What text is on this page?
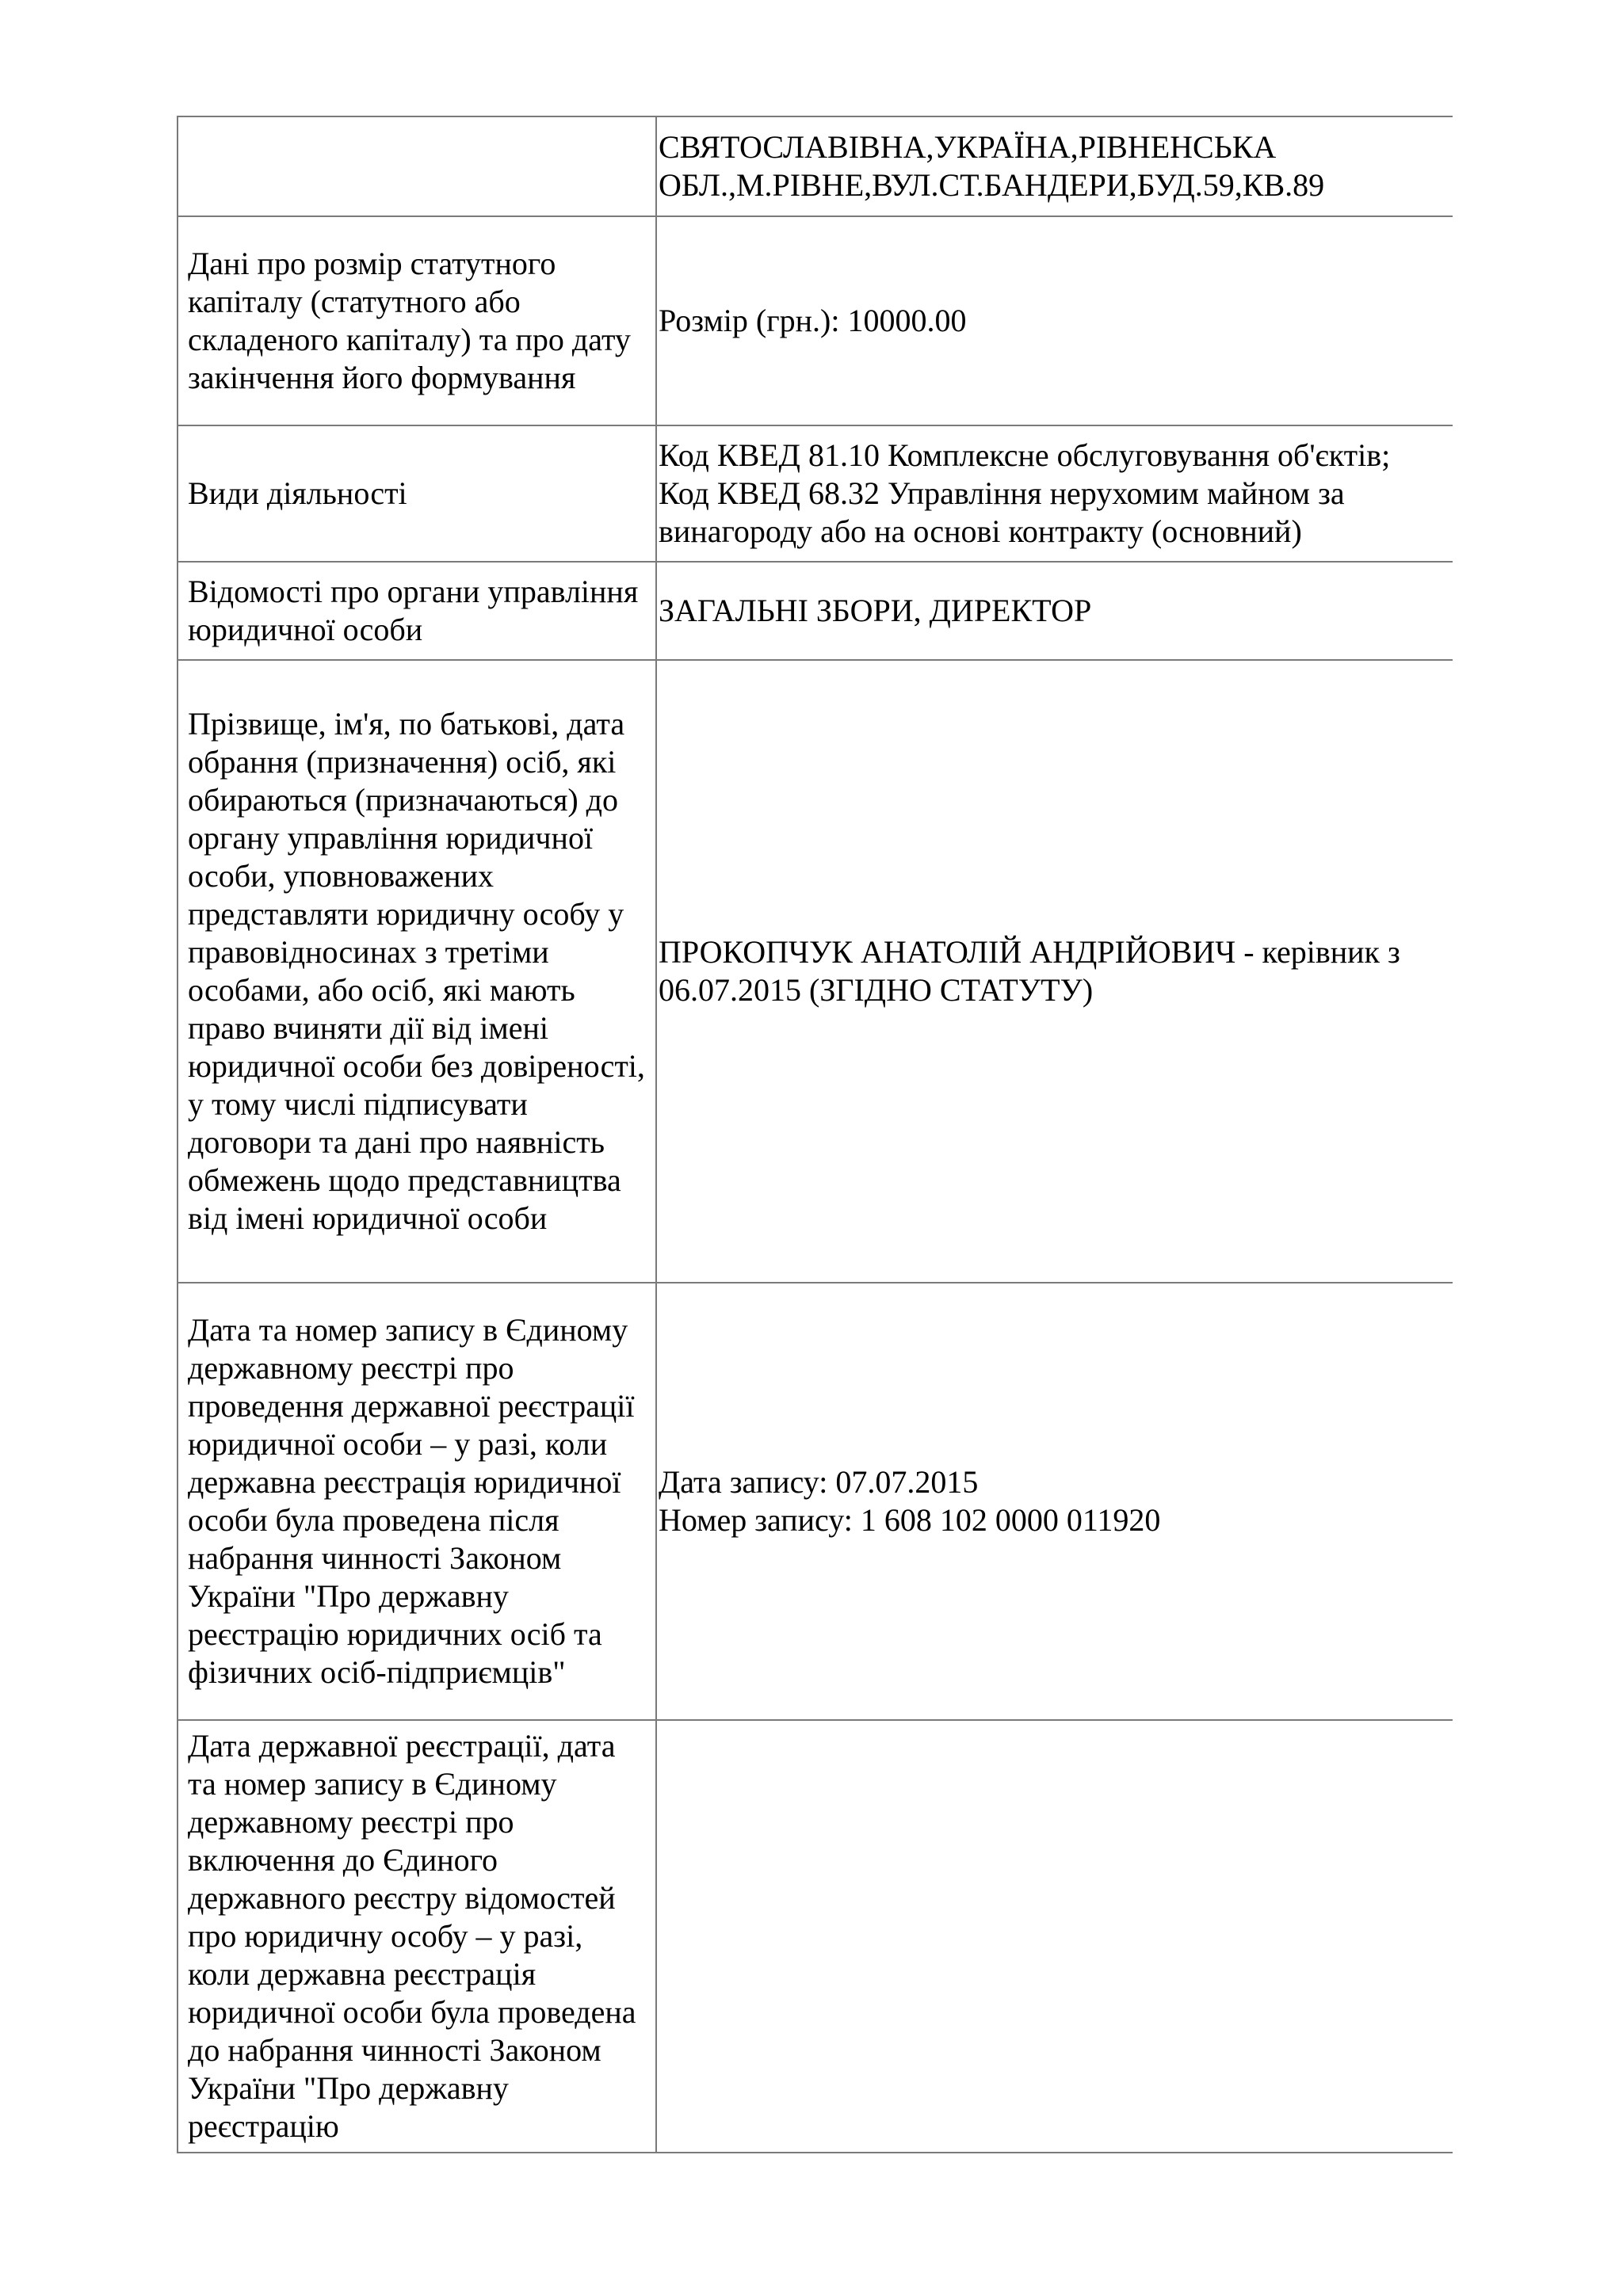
	СВЯТОСЛАВІВНА,УКРАЇНА,РІВНЕНСЬКА
ОБЛ.,М.РІВНЕ,ВУЛ.СТ.БАНДЕРИ,БУД.59,КВ.89
Дані про розмір статутного капіталу (статутного або складеного капіталу) та про дату закінчення його формування	Розмір (грн.): 10000.00
Види діяльності	Код КВЕД 81.10 Комплексне обслуговування об'єктів;
Код КВЕД 68.32 Управління нерухомим майном за винагороду або на основі контракту (основний)
Відомості про органи управління юридичної особи	ЗАГАЛЬНІ ЗБОРИ, ДИРЕКТОР
Прізвище, ім'я, по батькові, дата обрання (призначення) осіб, які обираються (призначаються) до органу управління юридичної особи, уповноважених представляти юридичну особу у правовідносинах з третіми особами, або осіб, які мають право вчиняти дії від імені юридичної особи без довіреності, у тому числі підписувати договори та дані про наявність обмежень щодо представництва від імені юридичної особи	ПРОКОПЧУК АНАТОЛІЙ АНДРІЙОВИЧ - керівник з 06.07.2015 (ЗГІДНО СТАТУТУ)
Дата та номер запису в Єдиному державному реєстрі про проведення державної реєстрації юридичної особи – у разі, коли державна реєстрація юридичної особи була проведена після набрання чинності Законом України "Про державну реєстрацію юридичних осіб та фізичних осіб-підприємців"	Дата запису: 07.07.2015
Номер запису: 1 608 102 0000 011920
Дата державної реєстрації, дата та номер запису в Єдиному державному реєстрі про включення до Єдиного державного реєстру відомостей про юридичну особу – у разі, коли державна реєстрація юридичної особи була проведена до набрання чинності Законом України "Про державну реєстрацію	
